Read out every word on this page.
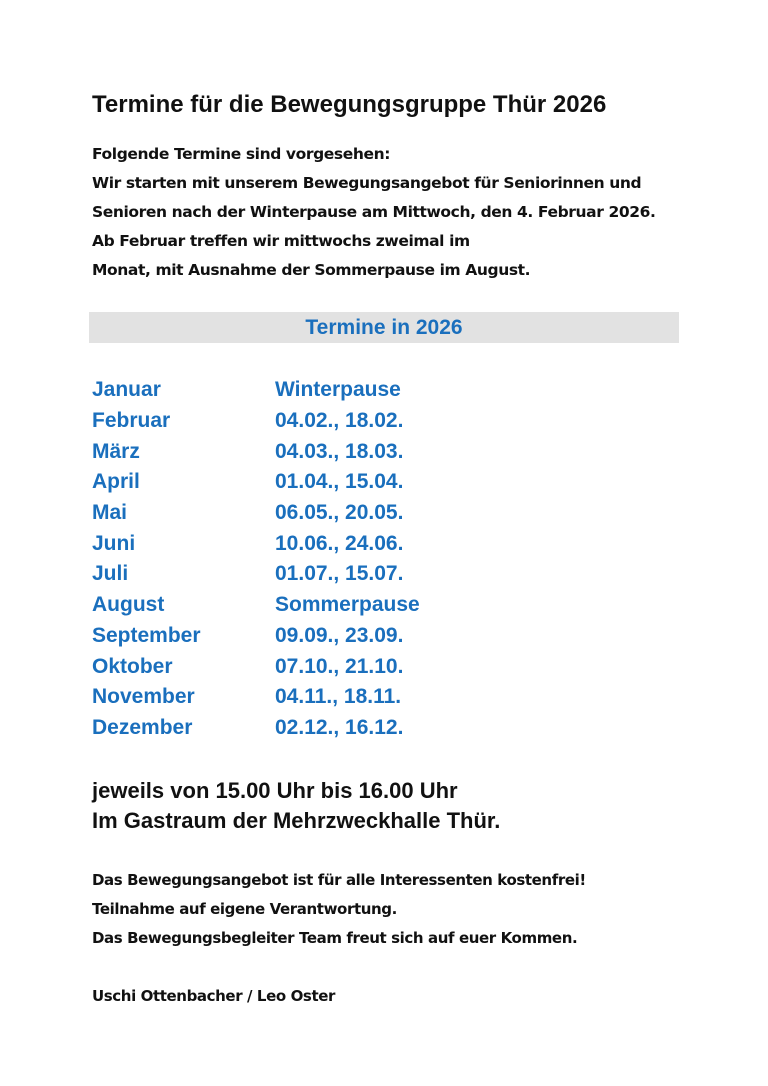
Termine für die Bewegungsgruppe Thür 2026
Folgende Termine sind vorgesehen:
Wir starten mit unserem Bewegungsangebot für Seniorinnen und
Senioren nach der Winterpause am Mittwoch, den 4. Februar 2026.
Ab Februar treffen wir mittwochs zweimal im
Monat, mit Ausnahme der Sommerpause im August.
Termine in 2026
Januar	Winterpause
Februar	04.02., 18.02.
März	04.03., 18.03.
April	01.04., 15.04.
Mai	06.05., 20.05.
Juni	10.06., 24.06.
Juli	01.07., 15.07.
August	Sommerpause
September	09.09., 23.09.
Oktober	07.10., 21.10.
November	04.11., 18.11.
Dezember	02.12., 16.12.
jeweils von 15.00 Uhr bis 16.00 Uhr
Im Gastraum der Mehrzweckhalle Thür.
Das Bewegungsangebot ist für alle Interessenten kostenfrei!
Teilnahme auf eigene Verantwortung.
Das Bewegungsbegleiter Team freut sich auf euer Kommen.
Uschi Ottenbacher / Leo Oster
